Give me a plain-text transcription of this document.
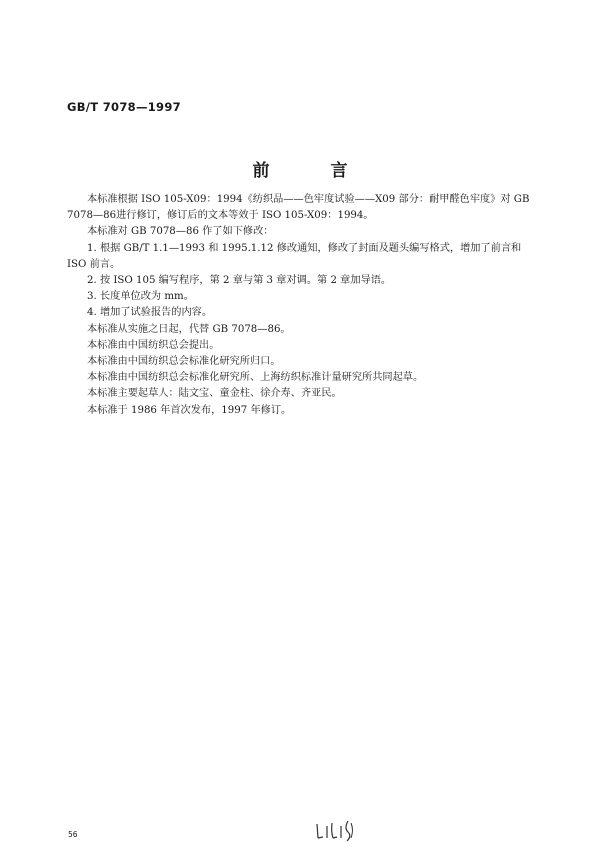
GB/T 7078—1997
前　言

本标准根据 ISO 105-X09：1994《纺织品——色牢度试验——X09 部分：耐甲醛色牢度》对 GB 7078—86进行修订，修订后的文本等效于 ISO 105-X09：1994。

本标准对 GB 7078—86 作了如下修改：

1. 根据 GB/T 1.1—1993 和 1995.1.12 修改通知，修改了封面及题头编写格式，增加了前言和 ISO 前言。

2. 按 ISO 105 编写程序，第 2 章与第 3 章对调。第 2 章加导语。

3. 长度单位改为 mm。

4. 增加了试验报告的内容。

本标准从实施之日起，代替 GB 7078—86。

本标准由中国纺织总会提出。

本标准由中国纺织总会标准化研究所归口。

本标准由中国纺织总会标准化研究所、上海纺织标准计量研究所共同起草。

本标准主要起草人：陆文宝、童金柱、徐介寿、齐亚民。

本标准于 1986 年首次发布，1997 年修订。

56
